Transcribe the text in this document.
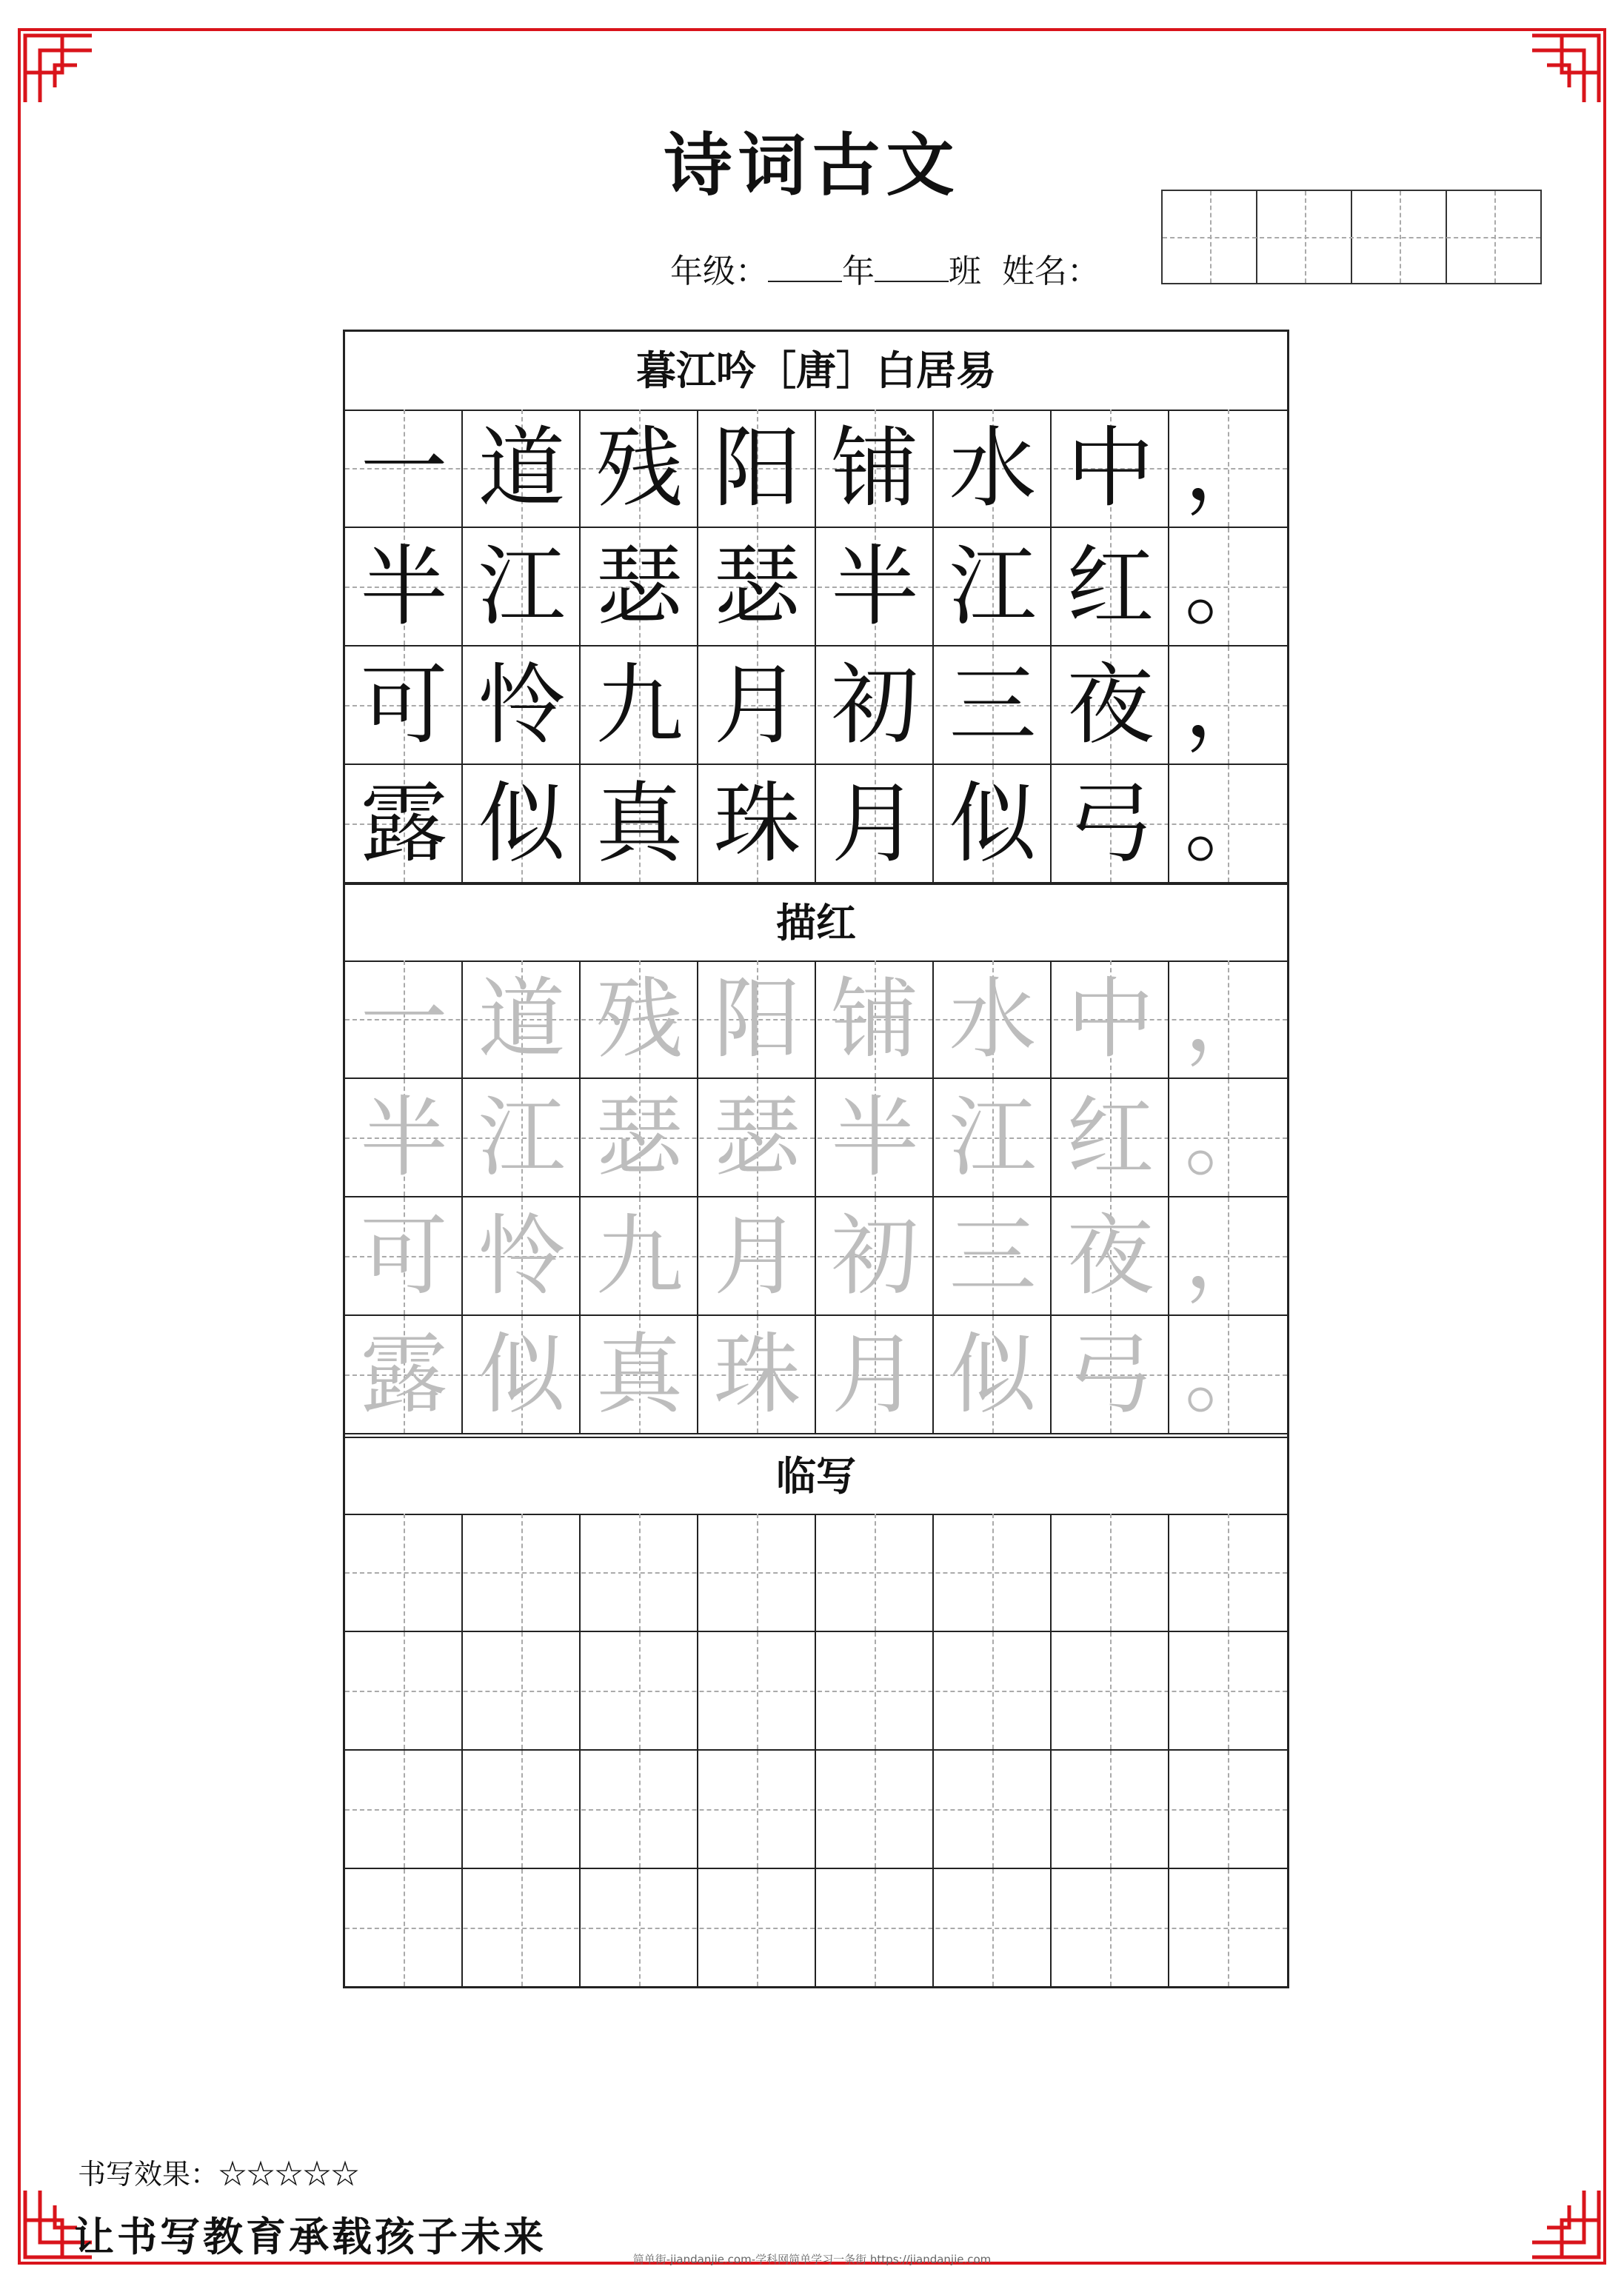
诗词古文
年级： 年 班 姓名：
暮江吟［唐］白居易
描红
临写
一 道 残 阳 铺 水 中 ，
半 江 瑟 瑟 半 江 红 。
可 怜 九 月 初 三 夜 ，
露 似 真 珠 月 似 弓 。
一 道 残 阳 铺 水 中 ，
半 江 瑟 瑟 半 江 红 。
可 怜 九 月 初 三 夜 ，
露 似 真 珠 月 似 弓 。
书写效果：☆☆☆☆☆
让书写教育承载孩子未来	简单街-jiandanjie.com-学科网简单学习一条街 https://jiandanjie.com
